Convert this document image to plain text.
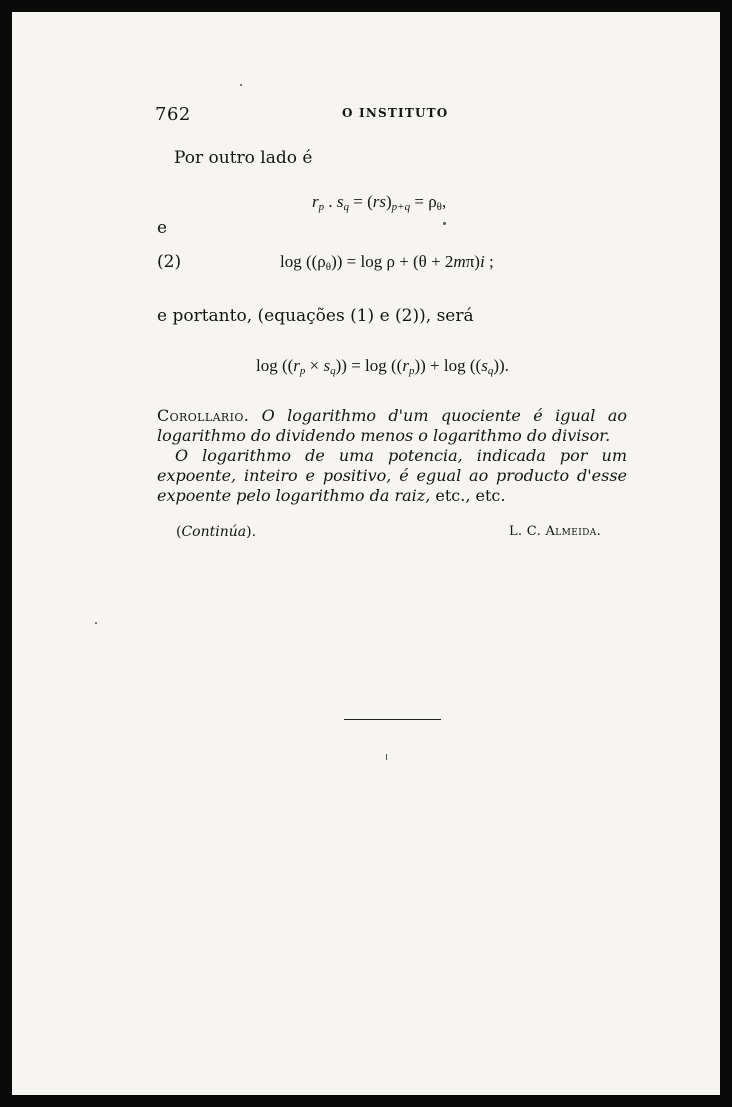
762	O INSTITUTO
Por outro lado é
$r_p$ . $s_q = (rs)_{p+q} = \rho_\theta$,
e
(2)	$\log ((\rho_\theta)) = \log \rho + (\theta + 2m\pi)i$ ;
e portanto, (equações (1) e (2)), será
$\log ((r_p \times s_q)) = \log ((r_p)) + \log ((s_q))$.

Corollario. O logarithmo d'um quociente é igual ao logarithmo do dividendo menos o logarithmo do divisor.

O logarithmo de uma potencia, indicada por um expoente, inteiro e positivo, é egual ao producto d'esse expoente pelo logarithmo da raiz, etc., etc.

(Continúa).	L. C. Almeida.
